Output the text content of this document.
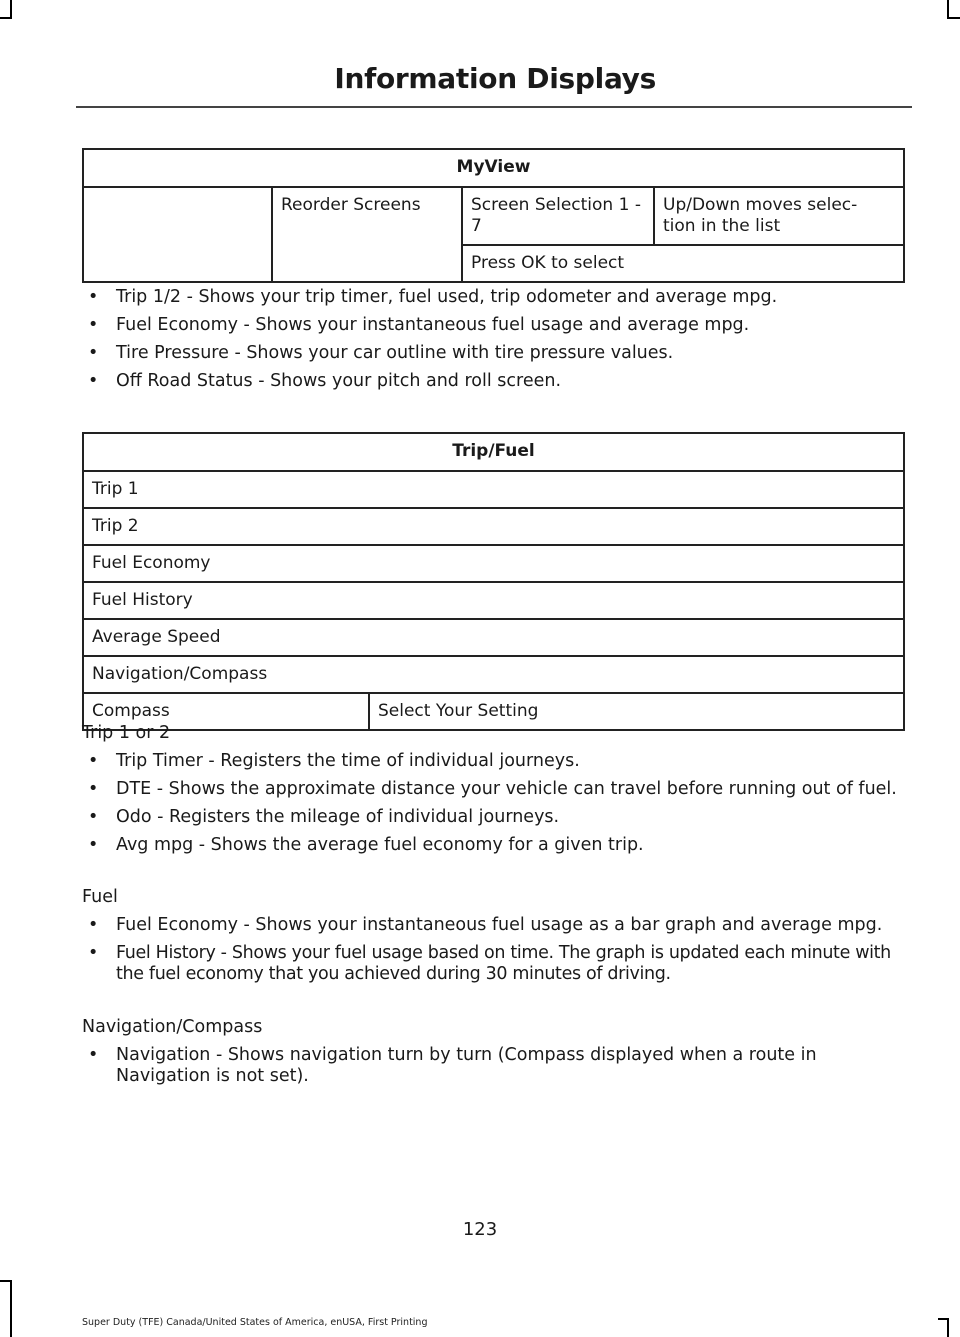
Information Displays
MyView
	Reorder Screens	Screen Selection 1 - 7	Up/Down moves selec- tion in the list
Press OK to select
• Trip 1/2 - Shows your trip timer, fuel used, trip odometer and average mpg.
• Fuel Economy - Shows your instantaneous fuel usage and average mpg.
• Tire Pressure - Shows your car outline with tire pressure values.
• Off Road Status - Shows your pitch and roll screen.
Trip/Fuel
Trip 1
Trip 2
Fuel Economy
Fuel History
Average Speed
Navigation/Compass
Compass	Select Your Setting
Trip 1 or 2
• Trip Timer - Registers the time of individual journeys.
• DTE - Shows the approximate distance your vehicle can travel before running out of fuel.
• Odo - Registers the mileage of individual journeys.
• Avg mpg - Shows the average fuel economy for a given trip.
Fuel
• Fuel Economy - Shows your instantaneous fuel usage as a bar graph and average mpg.
• Fuel History - Shows your fuel usage based on time. The graph is updated each minute with the fuel economy that you achieved during 30 minutes of driving.
Navigation/Compass
• Navigation - Shows navigation turn by turn (Compass displayed when a route in Navigation is not set).
123
Super Duty (TFE) Canada/United States of America, enUSA, First Printing
